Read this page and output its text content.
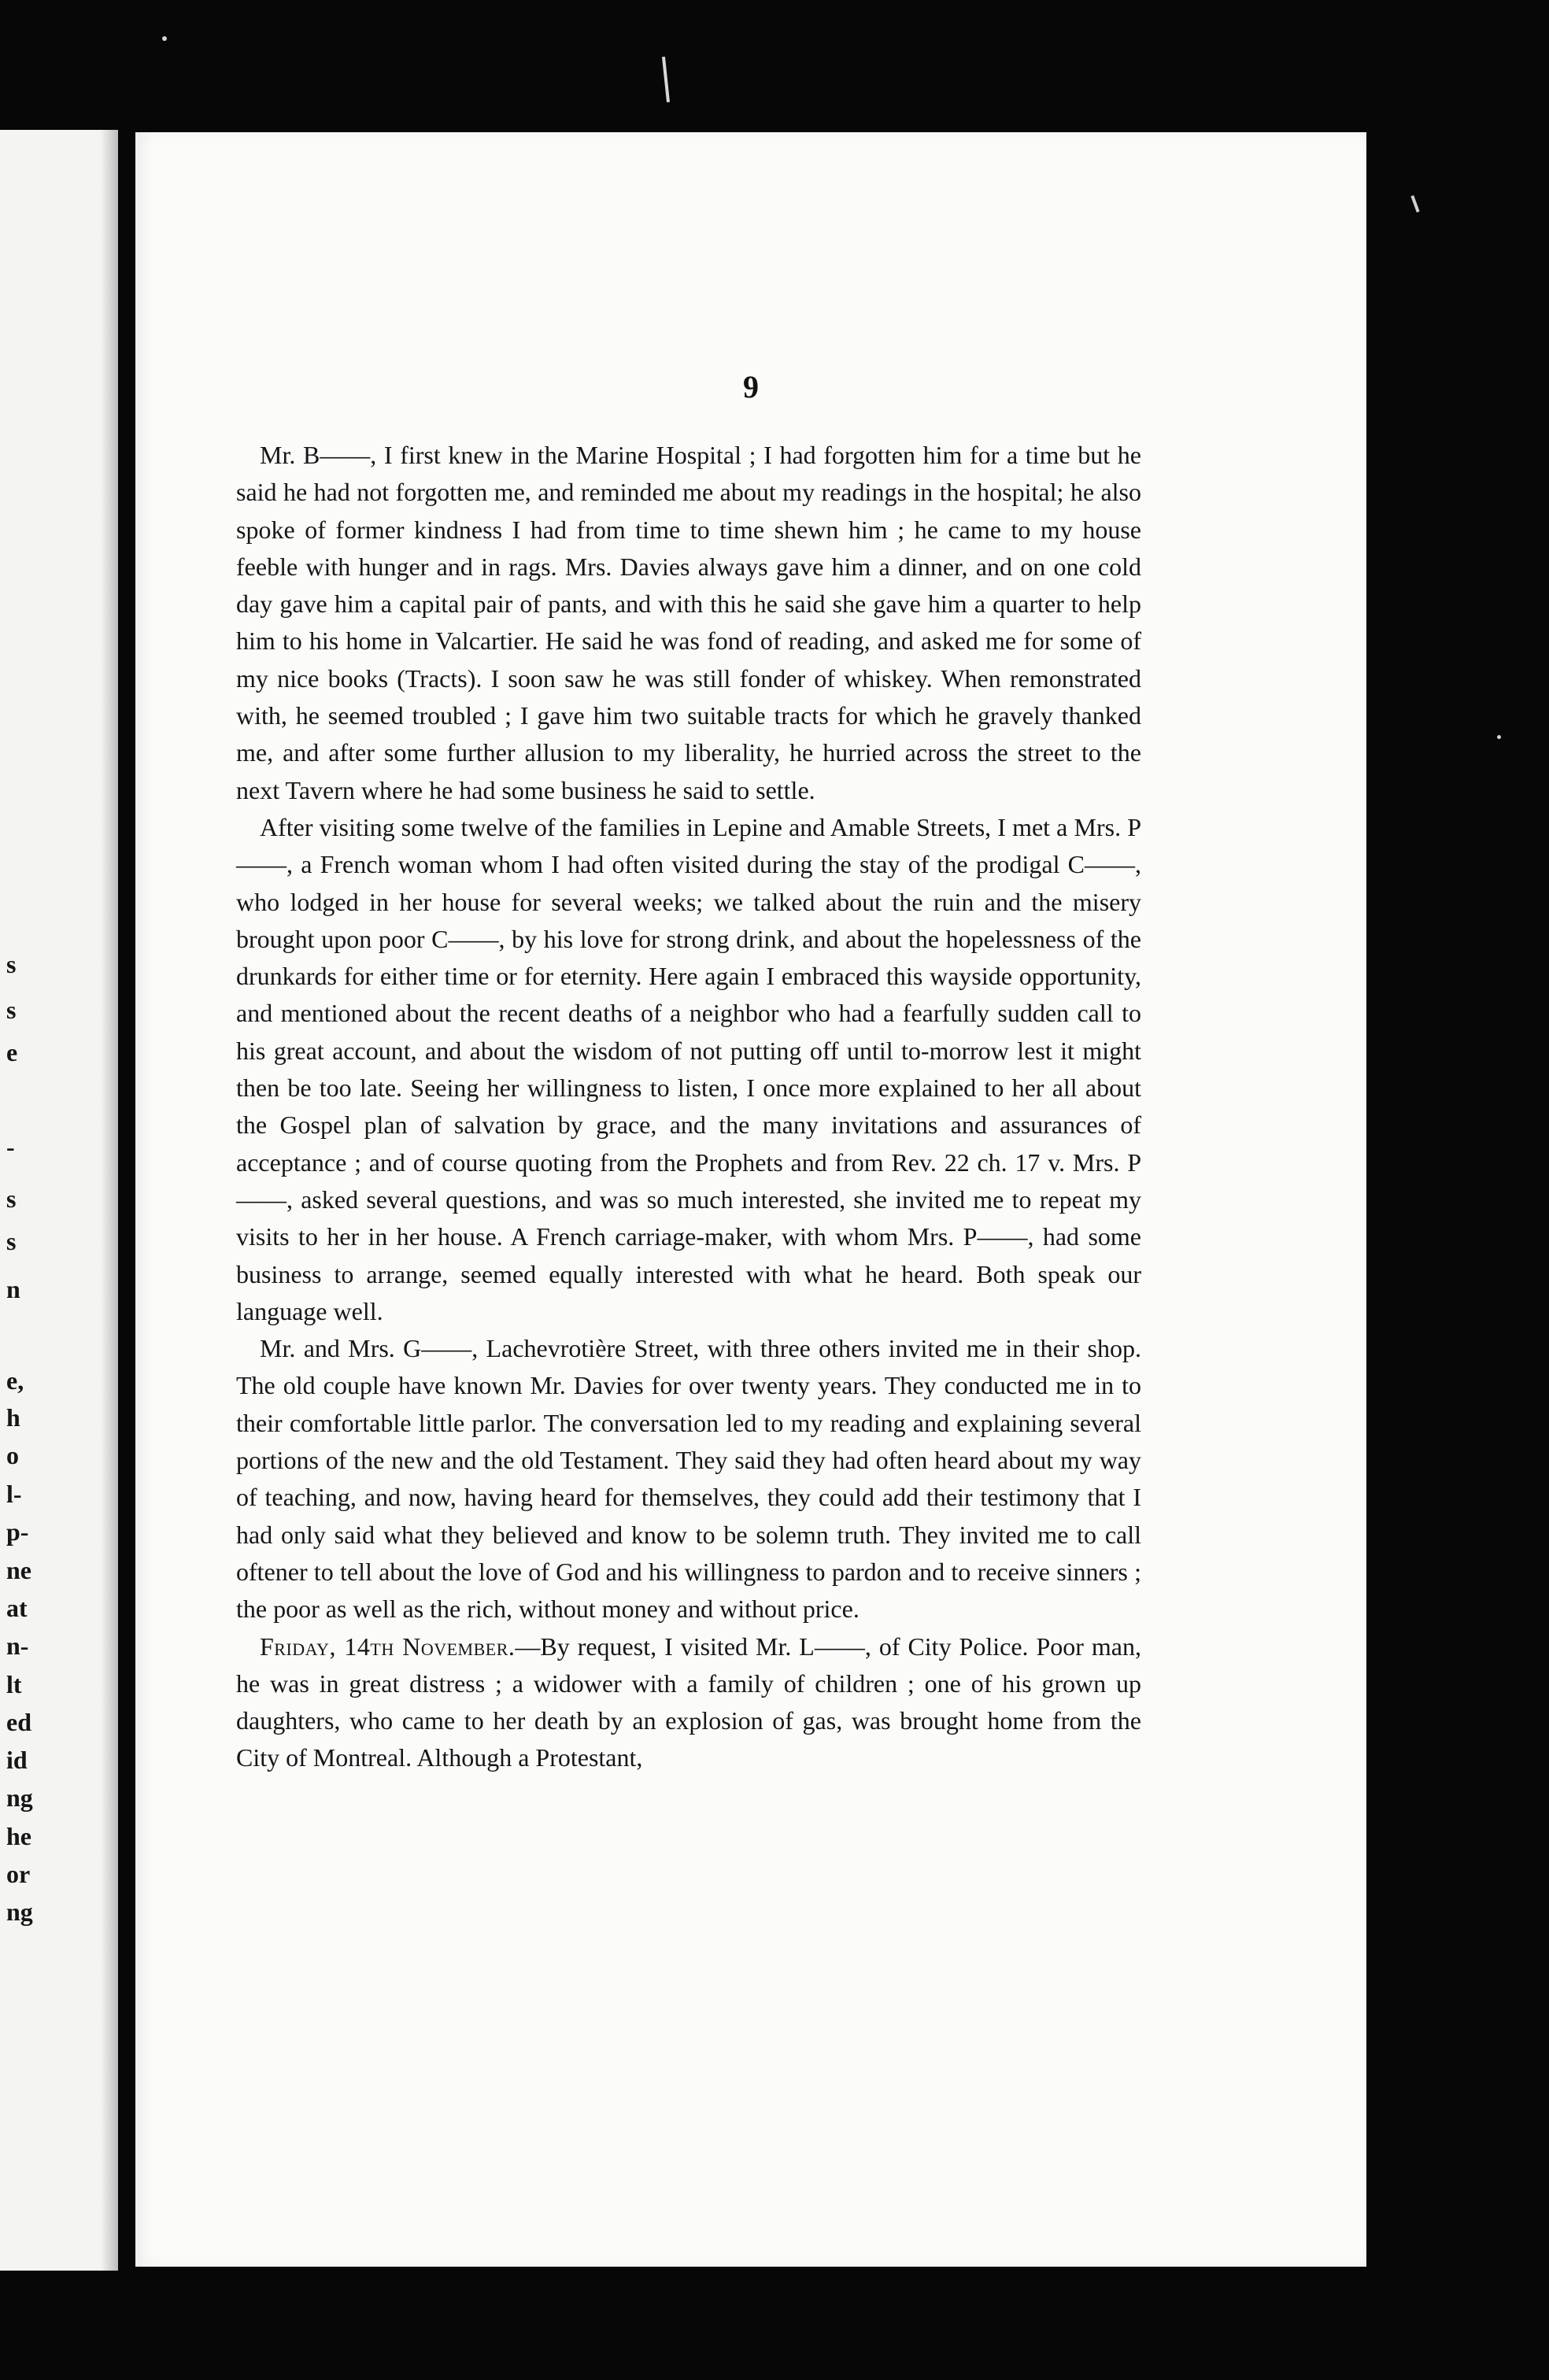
s
s
e
-
s
s
n
e,
h
o
l-
p-
ne
at
n-
lt
ed
id
ng
he
or
ng
9

Mr. B——, I first knew in the Marine Hospital ; I had forgotten him for a time but he said he had not forgotten me, and reminded me about my readings in the hospital; he also spoke of former kindness I had from time to time shewn him ; he came to my house feeble with hunger and in rags. Mrs. Davies always gave him a dinner, and on one cold day gave him a capital pair of pants, and with this he said she gave him a quarter to help him to his home in Valcartier. He said he was fond of reading, and asked me for some of my nice books (Tracts). I soon saw he was still fonder of whiskey. When remonstrated with, he seemed troubled ; I gave him two suitable tracts for which he gravely thanked me, and after some further allusion to my liberality, he hurried across the street to the next Tavern where he had some business he said to settle.

After visiting some twelve of the families in Lepine and Amable Streets, I met a Mrs. P——, a French woman whom I had often visited during the stay of the prodigal C——, who lodged in her house for several weeks; we talked about the ruin and the misery brought upon poor C——, by his love for strong drink, and about the hopelessness of the drunkards for either time or for eternity. Here again I embraced this wayside opportunity, and mentioned about the recent deaths of a neighbor who had a fearfully sudden call to his great account, and about the wisdom of not putting off until to-morrow lest it might then be too late. Seeing her willingness to listen, I once more explained to her all about the Gospel plan of salvation by grace, and the many invitations and assurances of acceptance ; and of course quoting from the Prophets and from Rev. 22 ch. 17 v. Mrs. P——, asked several questions, and was so much interested, she invited me to repeat my visits to her in her house. A French carriage-maker, with whom Mrs. P——, had some business to arrange, seemed equally interested with what he heard. Both speak our language well.

Mr. and Mrs. G——, Lachevrotière Street, with three others invited me in their shop. The old couple have known Mr. Davies for over twenty years. They conducted me in to their comfortable little parlor. The conversation led to my reading and explaining several portions of the new and the old Testament. They said they had often heard about my way of teaching, and now, having heard for themselves, they could add their testimony that I had only said what they believed and know to be solemn truth. They invited me to call oftener to tell about the love of God and his willingness to pardon and to receive sinners ; the poor as well as the rich, without money and without price.

Friday, 14th November.—By request, I visited Mr. L——, of City Police. Poor man, he was in great distress ; a widower with a family of children ; one of his grown up daughters, who came to her death by an explosion of gas, was brought home from the City of Montreal. Although a Protestant,
